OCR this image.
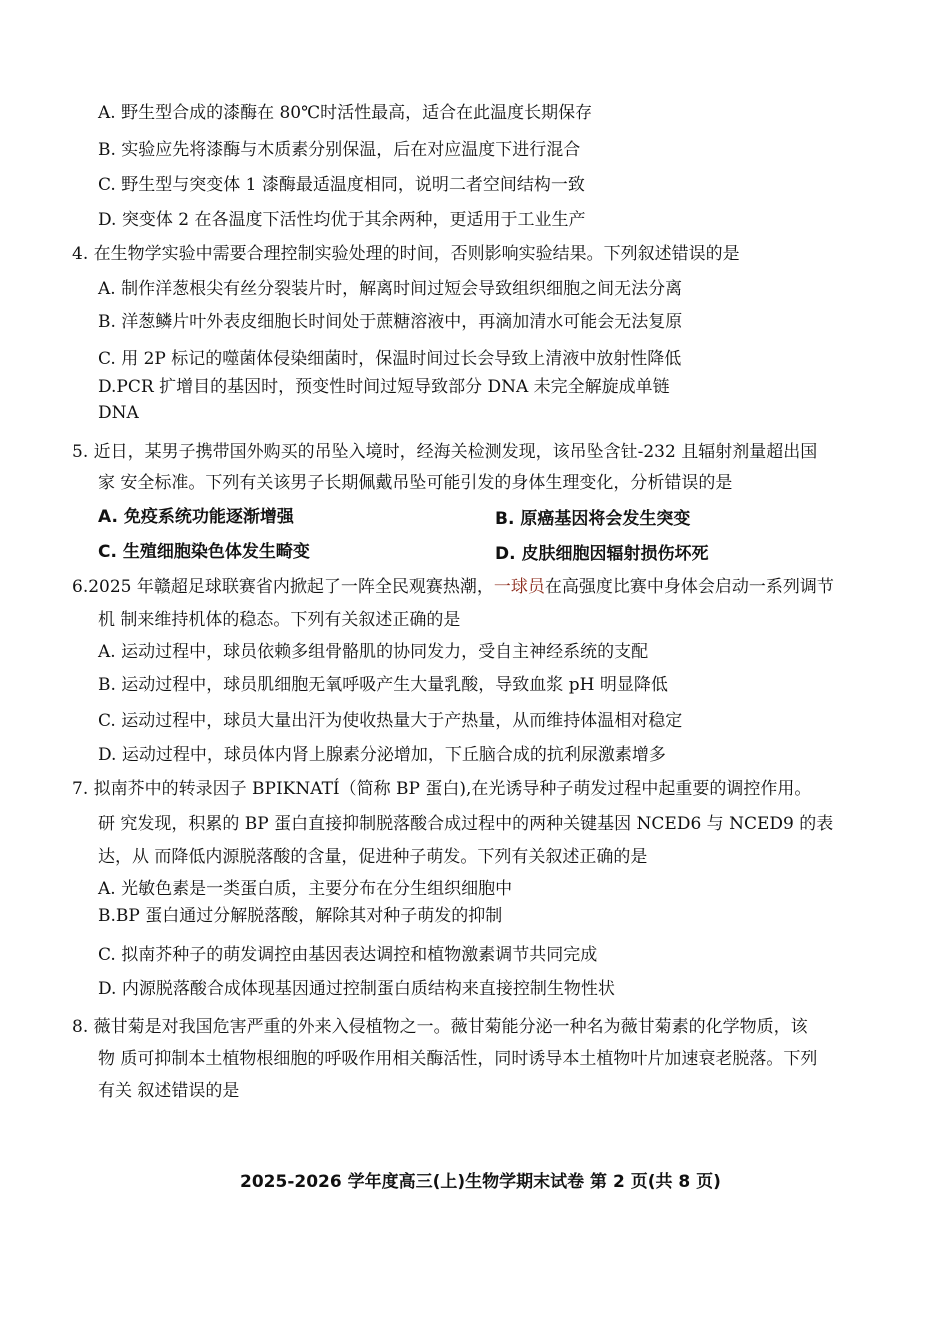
A. 野生型合成的漆酶在 80℃时活性最高，适合在此温度长期保存
B. 实验应先将漆酶与木质素分别保温，后在对应温度下进行混合
C. 野生型与突变体 1 漆酶最适温度相同，说明二者空间结构一致
D. 突变体 2 在各温度下活性均优于其余两种，更适用于工业生产
4. 在生物学实验中需要合理控制实验处理的时间，否则影响实验结果。下列叙述错误的是
A. 制作洋葱根尖有丝分裂装片时，解离时间过短会导致组织细胞之间无法分离
B. 洋葱鳞片叶外表皮细胞长时间处于蔗糖溶液中，再滴加清水可能会无法复原
C. 用 2P 标记的噬菌体侵染细菌时，保温时间过长会导致上清液中放射性降低
D.PCR 扩增目的基因时，预变性时间过短导致部分 DNA 未完全解旋成单链
DNA
5. 近日，某男子携带国外购买的吊坠入境时，经海关检测发现，该吊坠含钍-232 且辐射剂量超出国
家 安全标准。下列有关该男子长期佩戴吊坠可能引发的身体生理变化，分析错误的是
A. 免疫系统功能逐渐增强	B. 原癌基因将会发生突变
C. 生殖细胞染色体发生畸变	D. 皮肤细胞因辐射损伤坏死
6.2025 年赣超足球联赛省内掀起了一阵全民观赛热潮，一球员在高强度比赛中身体会启动一系列调节
机 制来维持机体的稳态。下列有关叙述正确的是
A. 运动过程中，球员依赖多组骨骼肌的协同发力，受自主神经系统的支配
B. 运动过程中，球员肌细胞无氧呼吸产生大量乳酸，导致血浆 pH 明显降低
C. 运动过程中，球员大量出汗为使收热量大于产热量，从而维持体温相对稳定
D. 运动过程中，球员体内肾上腺素分泌增加，下丘脑合成的抗利尿激素增多
7. 拟南芥中的转录因子 BPIKNATÍ（简称 BP 蛋白),在光诱导种子萌发过程中起重要的调控作用。
研 究发现，积累的 BP 蛋白直接抑制脱落酸合成过程中的两种关键基因 NCED6 与 NCED9 的表
达，从 而降低内源脱落酸的含量，促进种子萌发。下列有关叙述正确的是
A. 光敏色素是一类蛋白质，主要分布在分生组织细胞中
B.BP 蛋白通过分解脱落酸，解除其对种子萌发的抑制
C. 拟南芥种子的萌发调控由基因表达调控和植物激素调节共同完成
D. 内源脱落酸合成体现基因通过控制蛋白质结构来直接控制生物性状
8. 薇甘菊是对我国危害严重的外来入侵植物之一。薇甘菊能分泌一种名为薇甘菊素的化学物质，该
物 质可抑制本土植物根细胞的呼吸作用相关酶活性，同时诱导本土植物叶片加速衰老脱落。下列
有关 叙述错误的是
2025-2026 学年度高三(上)生物学期末试卷 第 2 页(共 8 页)
